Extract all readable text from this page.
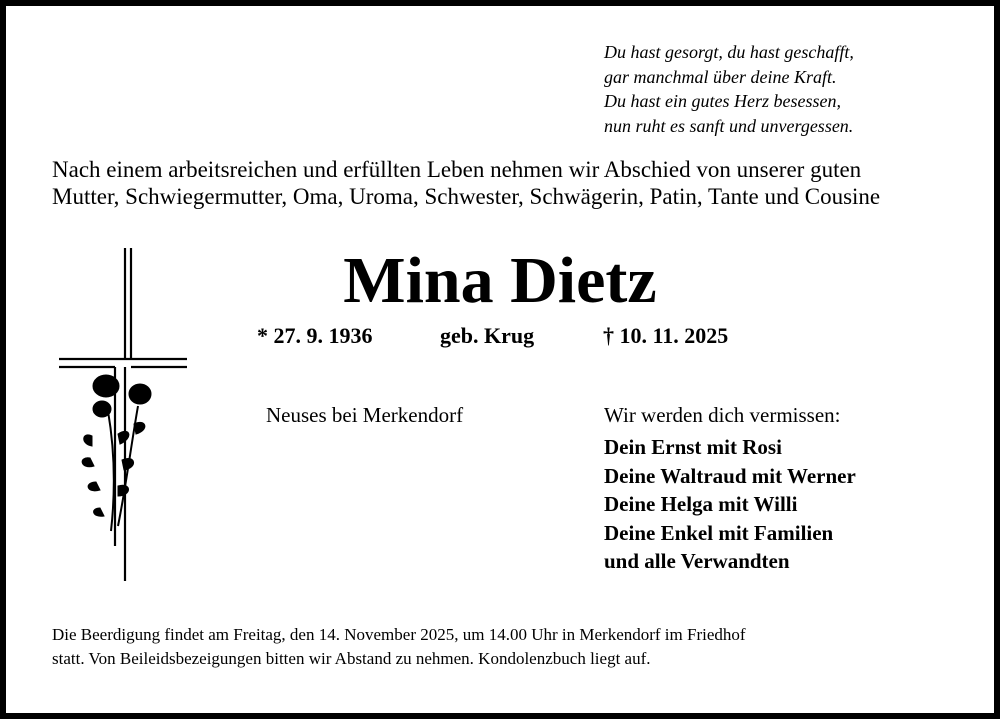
Du hast gesorgt, du hast geschafft,
gar manchmal über deine Kraft.
Du hast ein gutes Herz besessen,
nun ruht es sanft und unvergessen.
Nach einem arbeitsreichen und erfüllten Leben nehmen wir Abschied von unserer guten
Mutter, Schwiegermutter, Oma, Uroma, Schwester, Schwägerin, Patin, Tante und Cousine
Mina Dietz
* 27. 9. 1936	geb. Krug	† 10. 11. 2025
Neuses bei Merkendorf	Wir werden dich vermissen:
Dein Ernst mit Rosi
Deine Waltraud mit Werner
Deine Helga mit Willi
Deine Enkel mit Familien
und alle Verwandten
Die Beerdigung findet am Freitag, den 14. November 2025, um 14.00 Uhr in Merkendorf im Friedhof
statt. Von Beileidsbezeigungen bitten wir Abstand zu nehmen. Kondolenzbuch liegt auf.
